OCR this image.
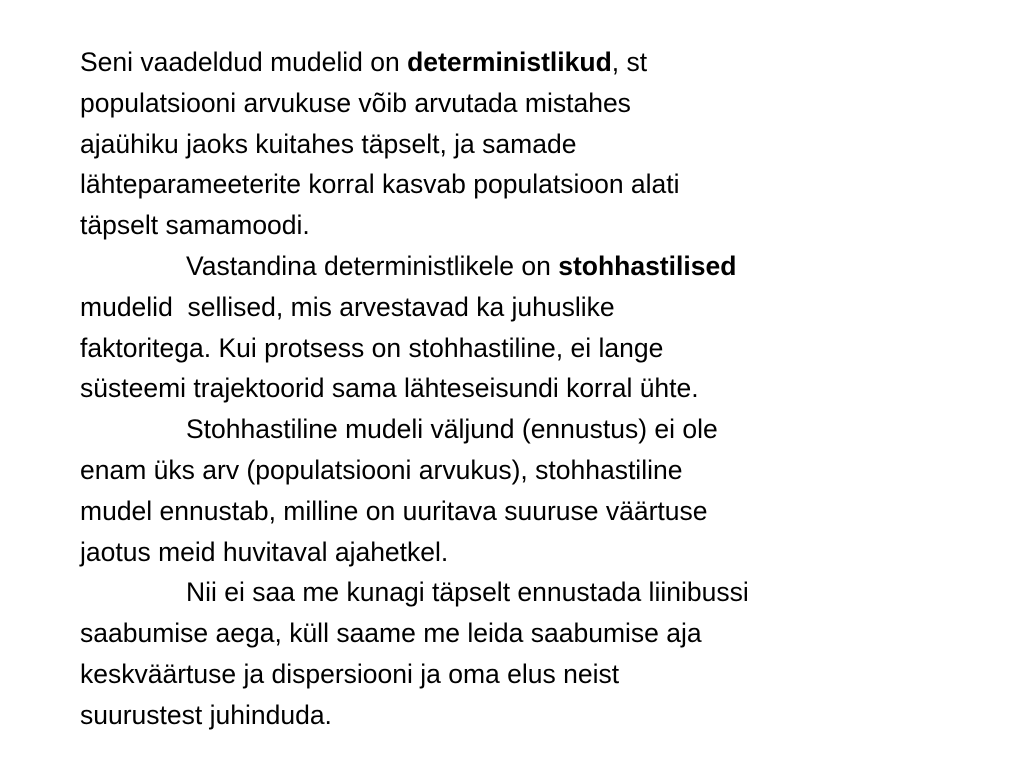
Seni vaadeldud mudelid on deterministlikud, st
populatsiooni arvukuse võib arvutada mistahes
ajaühiku jaoks kuitahes täpselt, ja samade
lähteparameeterite korral kasvab populatsioon alati
täpselt samamoodi.
Vastandina deterministlikele on stohhastilised
mudelid  sellised, mis arvestavad ka juhuslike
faktoritega. Kui protsess on stohhastiline, ei lange
süsteemi trajektoorid sama lähteseisundi korral ühte.
Stohhastiline mudeli väljund (ennustus) ei ole
enam üks arv (populatsiooni arvukus), stohhastiline
mudel ennustab, milline on uuritava suuruse väärtuse
jaotus meid huvitaval ajahetkel.
Nii ei saa me kunagi täpselt ennustada liinibussi
saabumise aega, küll saame me leida saabumise aja
keskväärtuse ja dispersiooni ja oma elus neist
suurustest juhinduda.
